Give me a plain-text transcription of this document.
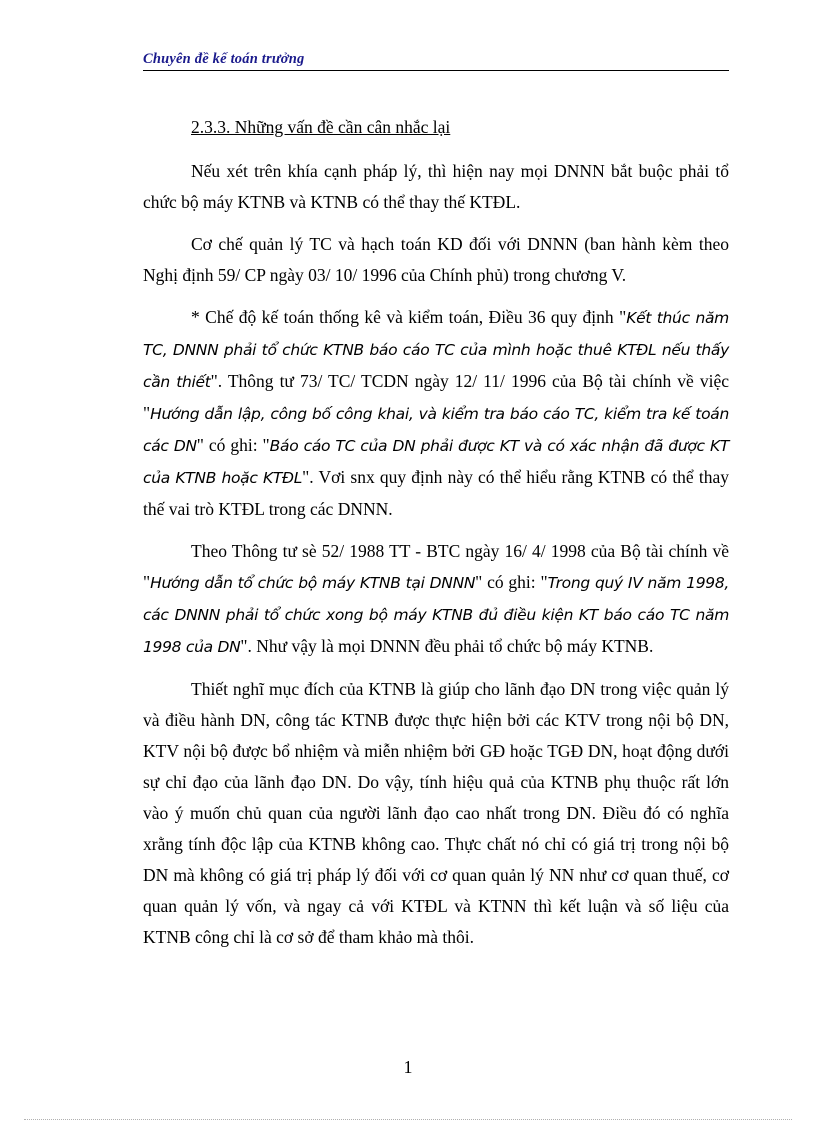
Chuyên đề kế toán trưởng
2.3.3. Những vấn đề cần cân nhắc lại

Nếu xét trên khía cạnh pháp lý, thì hiện nay mọi DNNN bắt buộc phải tổ chức bộ máy KTNB và KTNB có thể thay thế KTĐL.

Cơ chế quản lý TC và hạch toán KD đối với DNNN (ban hành kèm theo Nghị định 59/ CP ngày 03/ 10/ 1996 của Chính phủ) trong chương V.

* Chế độ kế toán thống kê và kiểm toán, Điều 36 quy định "Kết thúc năm TC, DNNN phải tổ chức KTNB báo cáo TC của mình hoặc thuê KTĐL nếu thấy cần thiết". Thông tư 73/ TC/ TCDN ngày 12/ 11/ 1996 của Bộ tài chính về việc "Hướng dẫn lập, công bố công khai, và kiểm tra báo cáo TC, kiểm tra kế toán các DN" có ghi: "Báo cáo TC của DN phải được KT và có xác nhận đã được KT của KTNB hoặc KTĐL". Vơi snx quy định này có thể hiểu rằng KTNB có thể thay thế vai trò KTĐL trong các DNNN.

Theo Thông tư sè 52/ 1988 TT - BTC ngày 16/ 4/ 1998 của Bộ tài chính về "Hướng dẫn tổ chức bộ máy KTNB tại DNNN" có ghi: "Trong quý IV năm 1998, các DNNN phải tổ chức xong bộ máy KTNB đủ điều kiện KT báo cáo TC năm 1998 của DN". Như vậy là mọi DNNN đều phải tổ chức bộ máy KTNB.

Thiết nghĩ mục đích của KTNB là giúp cho lãnh đạo DN trong việc quản lý và điều hành DN, công tác KTNB được thực hiện bởi các KTV trong nội bộ DN, KTV nội bộ được bổ nhiệm và miễn nhiệm bởi GĐ hoặc TGĐ DN, hoạt động dưới sự chỉ đạo của lãnh đạo DN. Do vậy, tính hiệu quả của KTNB phụ thuộc rất lớn vào ý muốn chủ quan của người lãnh đạo cao nhất trong DN. Điều đó có nghĩa xrằng tính độc lập của KTNB không cao. Thực chất nó chỉ có giá trị trong nội bộ DN mà không có giá trị pháp lý đối với cơ quan quản lý NN như cơ quan thuế, cơ quan quản lý vốn, và ngay cả với KTĐL và KTNN thì kết luận và số liệu của KTNB công chỉ là cơ sở để tham khảo mà thôi.

1
